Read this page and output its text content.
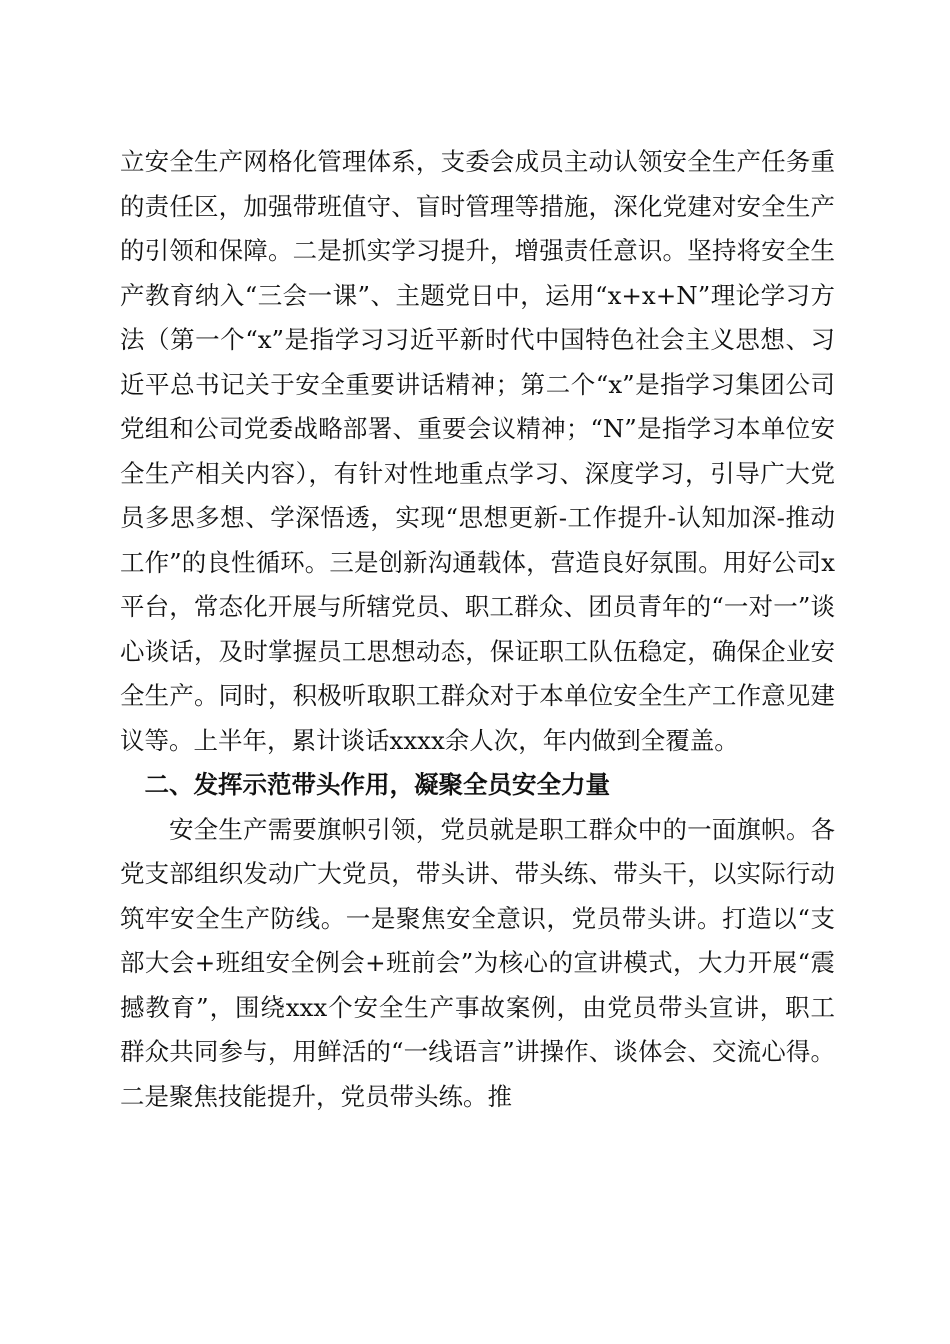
立安全生产网格化管理体系，支委会成员主动认领安全生产任务重的责任区，加强带班值守、盲时管理等措施，深化党建对安全生产的引领和保障。二是抓实学习提升，增强责任意识。坚持将安全生产教育纳入“三会一课”、主题党日中，运用“x+x+N”理论学习方法（第一个“x”是指学习习近平新时代中国特色社会主义思想、习近平总书记关于安全重要讲话精神；第二个“x”是指学习集团公司党组和公司党委战略部署、重要会议精神；“N”是指学习本单位安全生产相关内容），有针对性地重点学习、深度学习，引导广大党员多思多想、学深悟透，实现“思想更新-工作提升-认知加深-推动工作”的良性循环。三是创新沟通载体，营造良好氛围。用好公司x平台，常态化开展与所辖党员、职工群众、团员青年的“一对一”谈心谈话，及时掌握员工思想动态，保证职工队伍稳定，确保企业安全生产。同时，积极听取职工群众对于本单位安全生产工作意见建议等。上半年，累计谈话xxxx余人次，年内做到全覆盖。

二、发挥示范带头作用，凝聚全员安全力量

安全生产需要旗帜引领，党员就是职工群众中的一面旗帜。各党支部组织发动广大党员，带头讲、带头练、带头干，以实际行动筑牢安全生产防线。一是聚焦安全意识，党员带头讲。打造以“支部大会+班组安全例会+班前会”为核心的宣讲模式，大力开展“震撼教育”，围绕xxx个安全生产事故案例，由党员带头宣讲，职工群众共同参与，用鲜活的“一线语言”讲操作、谈体会、交流心得。二是聚焦技能提升，党员带头练。推
